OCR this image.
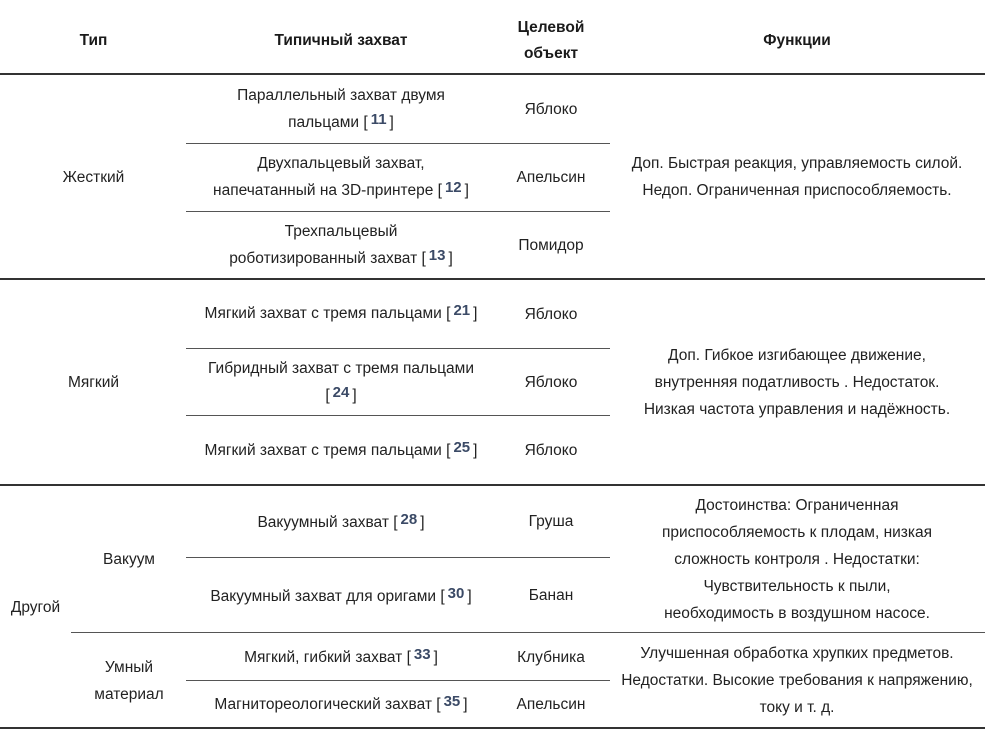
Тип	Типичный захват
Целевой объект
Функции
Жесткий
Мягкий
Другой
Вакуум
Умный материал
Параллельный захват двумя пальцами [ 11 ]
Двухпальцевый захват, напечатанный на 3D-принтере [ 12 ]
Трехпальцевый роботизированный захват [ 13 ]
Мягкий захват с тремя пальцами [ 21 ]
Гибридный захват с тремя пальцами [ 24 ]
Мягкий захват с тремя пальцами [ 25 ]
Вакуумный захват [ 28 ]
Вакуумный захват для оригами [ 30 ]
Мягкий, гибкий захват [ 33 ]
Магнитореологический захват [ 35 ]
Яблоко
Апельсин
Помидор
Яблоко
Яблоко
Яблоко
Груша
Банан
Клубника
Апельсин
Доп. Быстрая реакция, управляемость силой. Недоп. Ограниченная приспособляемость.
Доп. Гибкое изгибающее движение, внутренняя податливость . Недостаток. Низкая частота управления и надёжность.
Достоинства: Ограниченная приспособляемость к плодам, низкая сложность контроля . Недостатки: Чувствительность к пыли, необходимость в воздушном насосе.
Улучшенная обработка хрупких предметов. Недостатки. Высокие требования к напряжению, току и т. д.
